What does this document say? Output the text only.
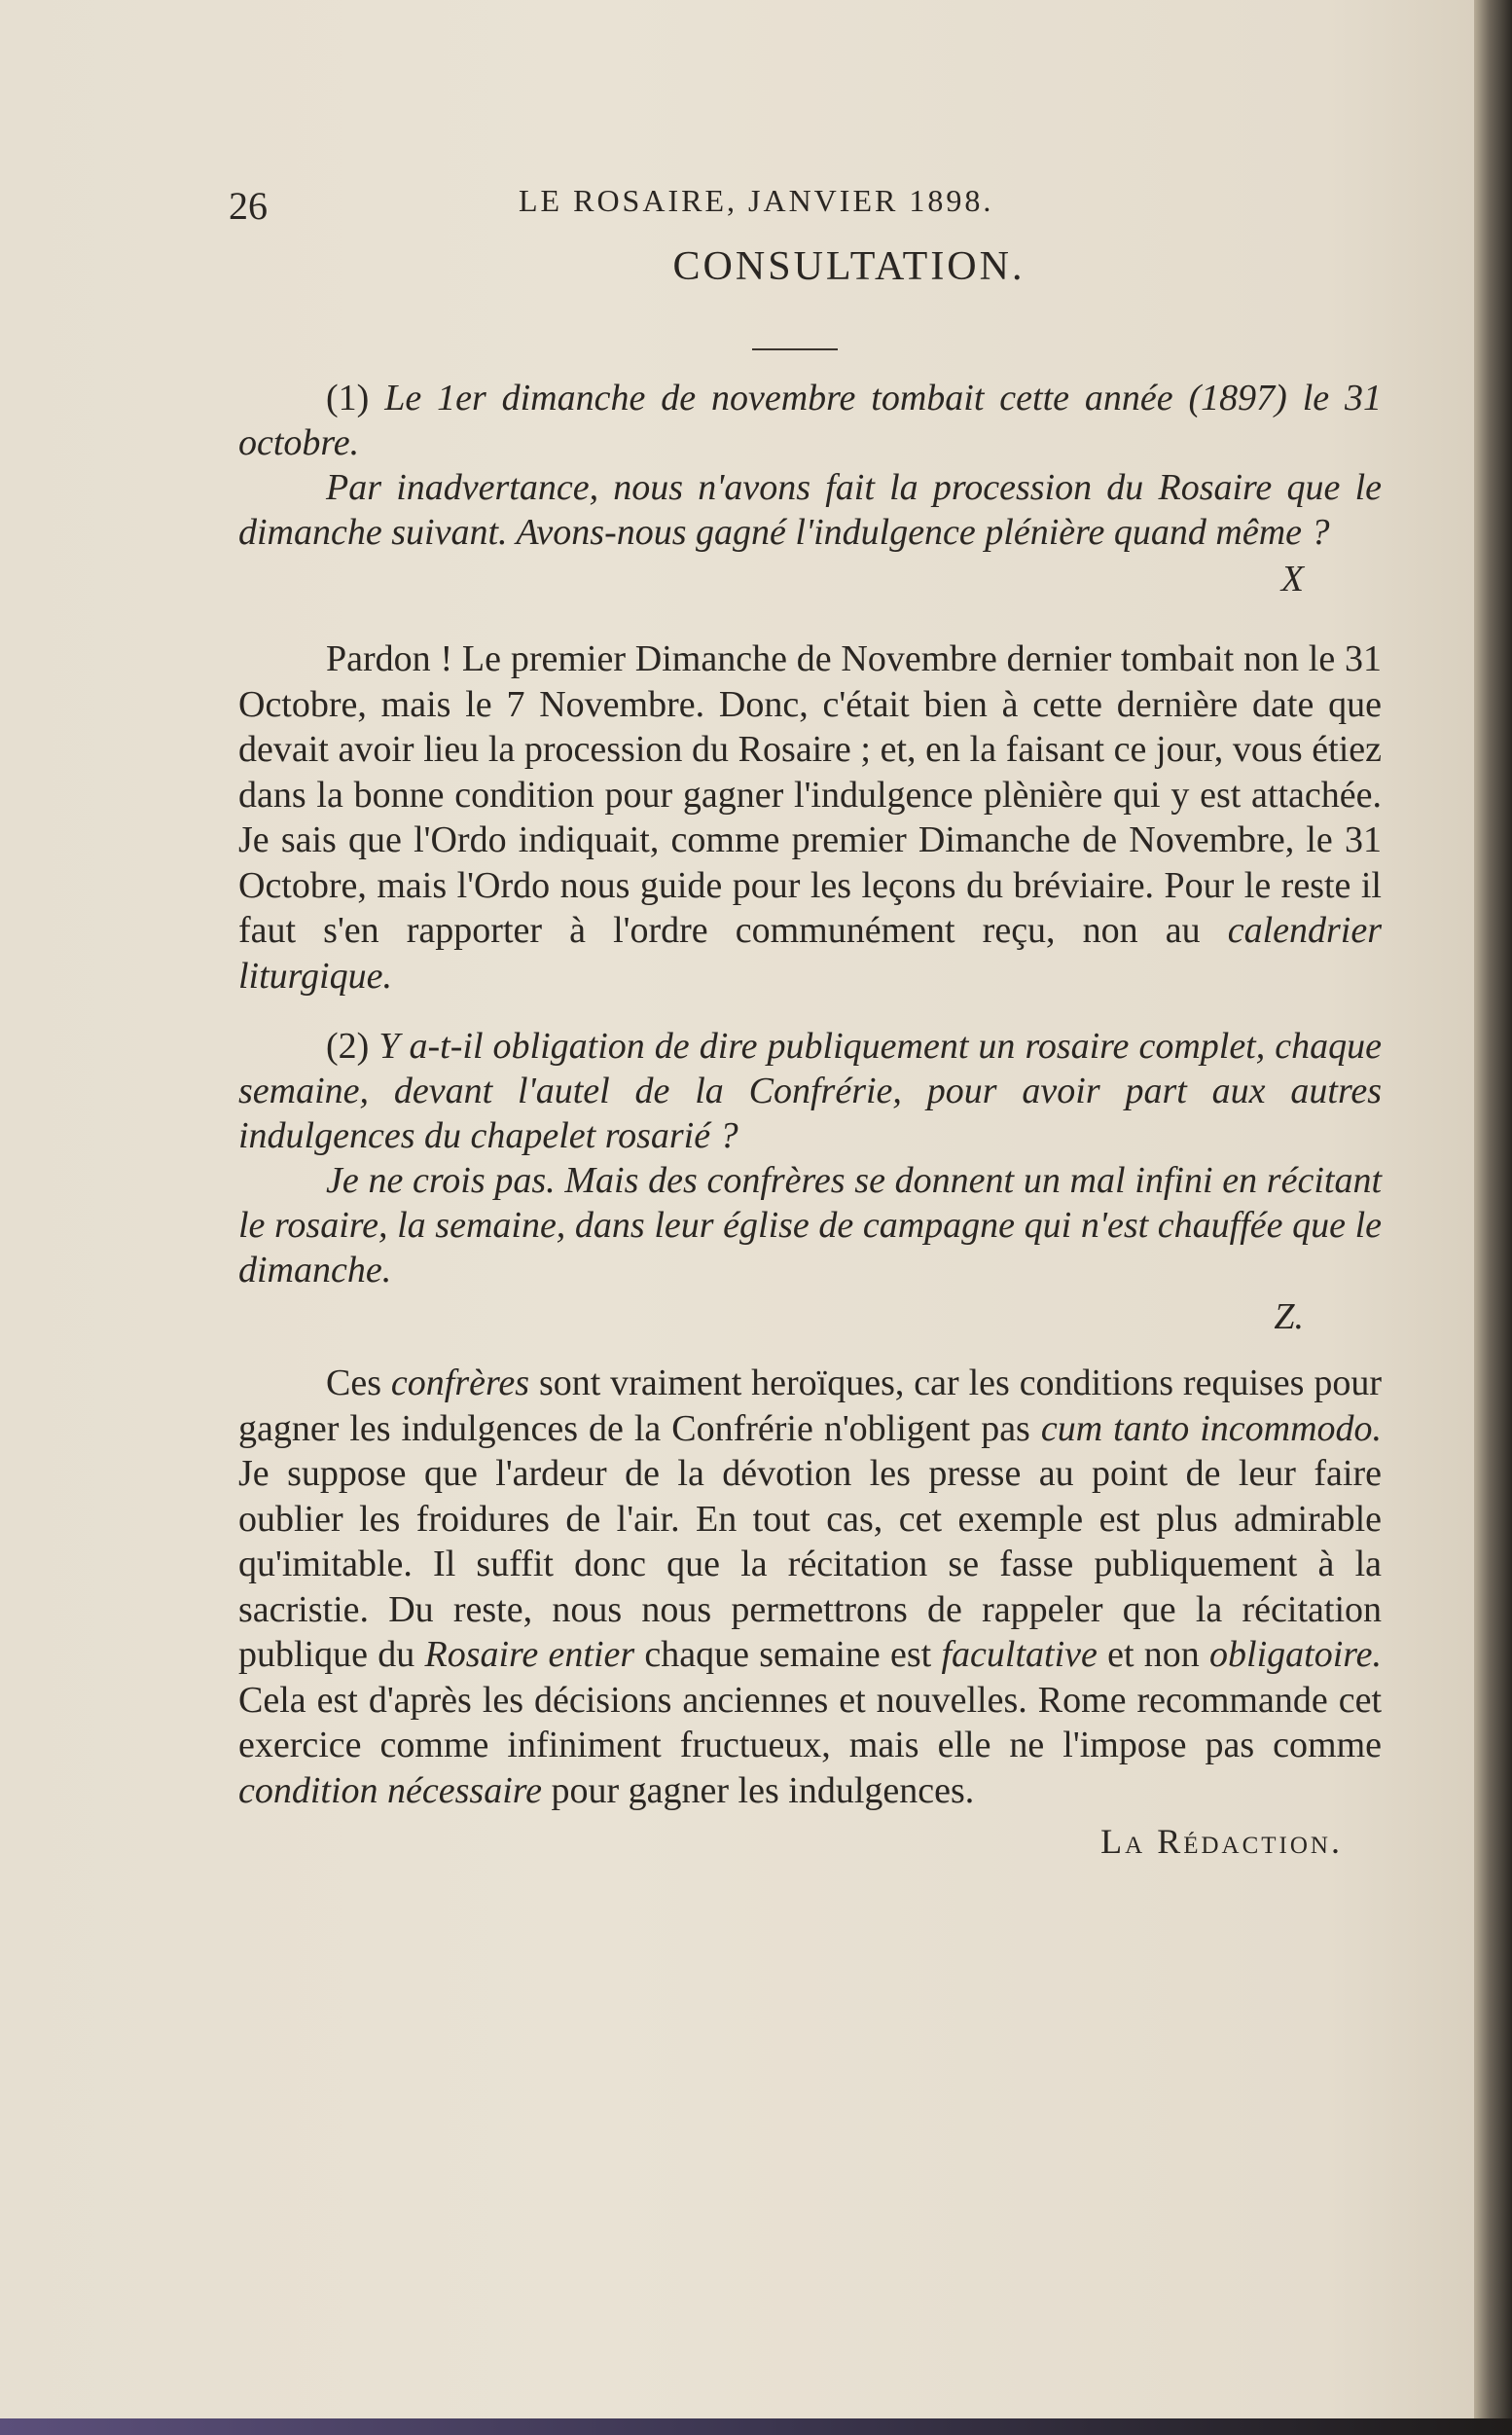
26	LE ROSAIRE, JANVIER 1898.
CONSULTATION.

(1) Le 1er dimanche de novembre tombait cette année (1897) le 31 octobre.

Par inadvertance, nous n'avons fait la procession du Rosaire que le dimanche suivant. Avons-nous gagné l'indulgence plénière quand même ?

X

Pardon ! Le premier Dimanche de Novembre dernier tombait non le 31 Octobre, mais le 7 Novembre. Donc, c'était bien à cette dernière date que devait avoir lieu la procession du Rosaire ; et, en la faisant ce jour, vous étiez dans la bonne condition pour gagner l'indulgence plènière qui y est attachée. Je sais que l'Ordo indiquait, comme premier Dimanche de Novembre, le 31 Octobre, mais l'Ordo nous guide pour les leçons du bréviaire. Pour le reste il faut s'en rapporter à l'ordre communément reçu, non au calendrier liturgique.

(2) Y a-t-il obligation de dire publiquement un rosaire complet, chaque semaine, devant l'autel de la Confrérie, pour avoir part aux autres indulgences du chapelet rosarié ?

Je ne crois pas. Mais des confrères se donnent un mal infini en récitant le rosaire, la semaine, dans leur église de campagne qui n'est chauffée que le dimanche.

Z.

Ces confrères sont vraiment heroïques, car les conditions requises pour gagner les indulgences de la Confrérie n'obligent pas cum tanto incommodo. Je suppose que l'ardeur de la dévotion les presse au point de leur faire oublier les froidures de l'air. En tout cas, cet exemple est plus admirable qu'imitable. Il suffit donc que la récitation se fasse publiquement à la sacristie. Du reste, nous nous permettrons de rappeler que la récitation publique du Rosaire entier chaque semaine est facultative et non obligatoire. Cela est d'après les décisions anciennes et nouvelles. Rome recommande cet exercice comme infiniment fructueux, mais elle ne l'impose pas comme condition nécessaire pour gagner les indulgences.

La Rédaction.
